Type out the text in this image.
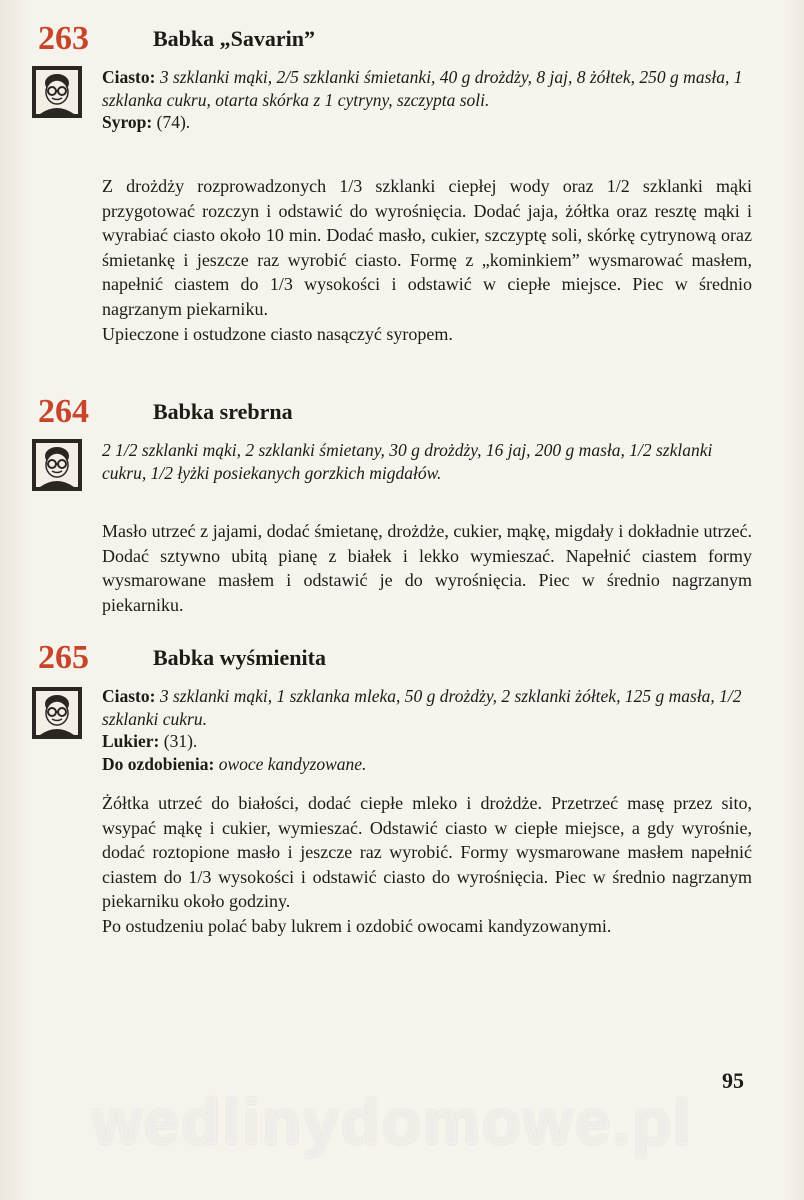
263	Babka „Savarin”
Ciasto: 3 szklanki mąki, 2/5 szklanki śmietanki, 40 g drożdży, 8 jaj, 8 żółtek, 250 g masła, 1 szklanka cukru, otarta skórka z 1 cytryny, szczypta soli.
Syrop: (74).

Z drożdży rozprowadzonych 1/3 szklanki ciepłej wody oraz 1/2 szklanki mąki przygotować rozczyn i odstawić do wyrośnięcia. Dodać jaja, żółtka oraz resztę mąki i wyrabiać ciasto około 10 min. Dodać masło, cukier, szczyptę soli, skórkę cytrynową oraz śmietankę i jeszcze raz wyrobić ciasto. Formę z „kominkiem” wysmarować masłem, napełnić ciastem do 1/3 wysokości i odstawić w ciepłe miejsce. Piec w średnio nagrzanym piekarniku.

Upieczone i ostudzone ciasto nasączyć syropem.

264	Babka srebrna
2 1/2 szklanki mąki, 2 szklanki śmietany, 30 g drożdży, 16 jaj, 200 g masła, 1/2 szklanki cukru, 1/2 łyżki posiekanych gorzkich migdałów.

Masło utrzeć z jajami, dodać śmietanę, drożdże, cukier, mąkę, migdały i dokładnie utrzeć. Dodać sztywno ubitą pianę z białek i lekko wymieszać. Napełnić ciastem formy wysmarowane masłem i odstawić je do wyrośnięcia. Piec w średnio nagrzanym piekarniku.

265	Babka wyśmienita
Ciasto: 3 szklanki mąki, 1 szklanka mleka, 50 g drożdży, 2 szklanki żółtek, 125 g masła, 1/2 szklanki cukru.
Lukier: (31).
Do ozdobienia: owoce kandyzowane.

Żółtka utrzeć do białości, dodać ciepłe mleko i drożdże. Przetrzeć masę przez sito, wsypać mąkę i cukier, wymieszać. Odstawić ciasto w ciepłe miejsce, a gdy wyrośnie, dodać roztopione masło i jeszcze raz wyrobić. Formy wysmarowane masłem napełnić ciastem do 1/3 wysokości i odstawić ciasto do wyrośnięcia. Piec w średnio nagrzanym piekarniku około godziny.

Po ostudzeniu polać baby lukrem i ozdobić owocami kandyzowanymi.

95
wedlinydomowe.pl
